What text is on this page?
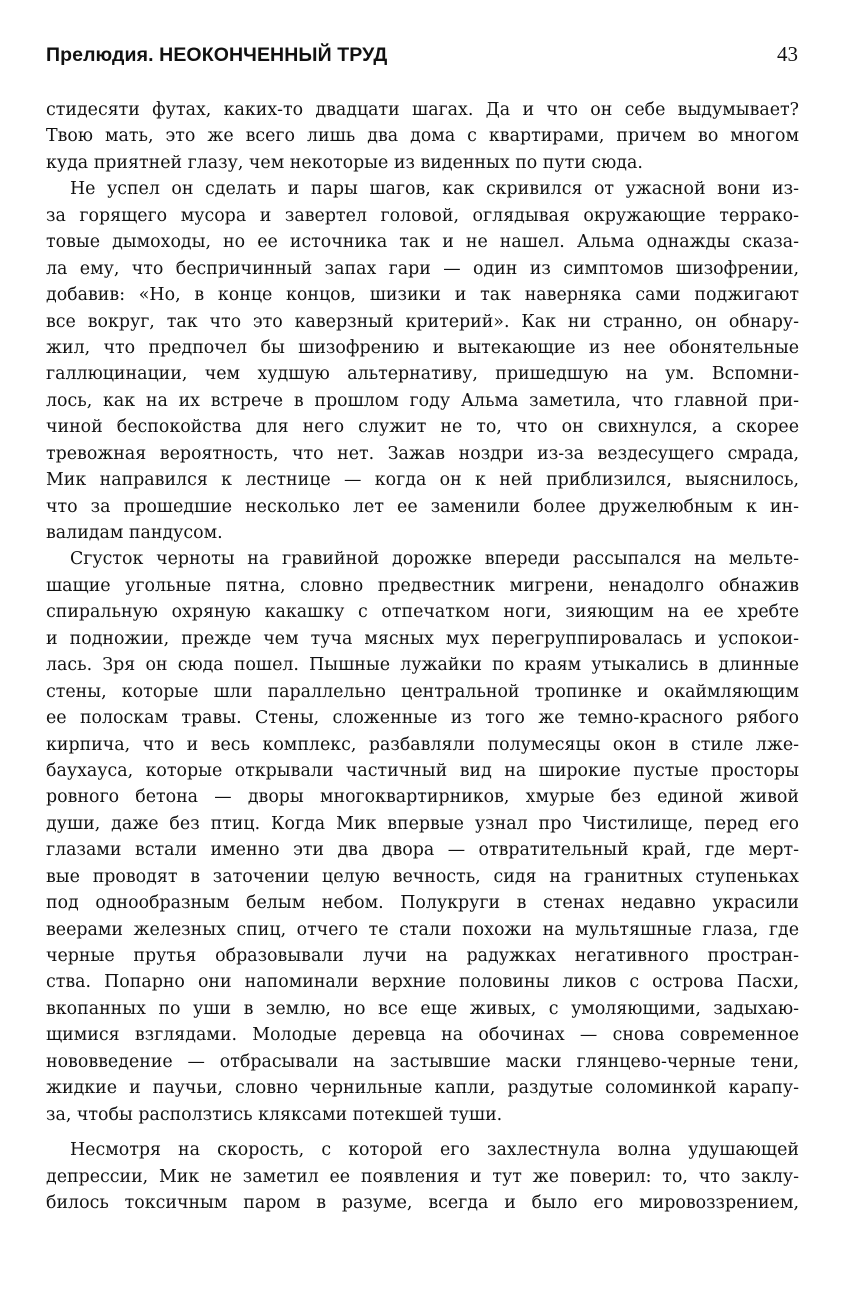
Прелюдия. НЕОКОНЧЕННЫЙ ТРУД	43
стидесяти футах, каких-то двадцати шагах. Да и что он себе выдумывает?
Твою мать, это же всего лишь два дома с квартирами, причем во многом
куда приятней глазу, чем некоторые из виденных по пути сюда.
Не успел он сделать и пары шагов, как скривился от ужасной вони из-
за горящего мусора и завертел головой, оглядывая окружающие террако-
товые дымоходы, но ее источника так и не нашел. Альма однажды сказа-
ла ему, что беспричинный запах гари — один из симптомов шизофрении,
добавив: «Но, в конце концов, шизики и так наверняка сами поджигают
все вокруг, так что это каверзный критерий». Как ни странно, он обнару-
жил, что предпочел бы шизофрению и вытекающие из нее обонятельные
галлюцинации, чем худшую альтернативу, пришедшую на ум. Вспомни-
лось, как на их встрече в прошлом году Альма заметила, что главной при-
чиной беспокойства для него служит не то, что он свихнулся, а скорее
тревожная вероятность, что нет. Зажав ноздри из-за вездесущего смрада,
Мик направился к лестнице — когда он к ней приблизился, выяснилось,
что за прошедшие несколько лет ее заменили более дружелюбным к ин-
валидам пандусом.
Сгусток черноты на гравийной дорожке впереди рассыпался на мельте-
шащие угольные пятна, словно предвестник мигрени, ненадолго обнажив
спиральную охряную какашку с отпечатком ноги, зияющим на ее хребте
и подножии, прежде чем туча мясных мух перегруппировалась и успокои-
лась. Зря он сюда пошел. Пышные лужайки по краям утыкались в длинные
стены, которые шли параллельно центральной тропинке и окаймляющим
ее полоскам травы. Стены, сложенные из того же темно-красного рябого
кирпича, что и весь комплекс, разбавляли полумесяцы окон в стиле лже-
баухауса, которые открывали частичный вид на широкие пустые просторы
ровного бетона — дворы многоквартирников, хмурые без единой живой
души, даже без птиц. Когда Мик впервые узнал про Чистилище, перед его
глазами встали именно эти два двора — отвратительный край, где мерт-
вые проводят в заточении целую вечность, сидя на гранитных ступеньках
под однообразным белым небом. Полукруги в стенах недавно украсили
веерами железных спиц, отчего те стали похожи на мультяшные глаза, где
черные прутья образовывали лучи на радужках негативного простран-
ства. Попарно они напоминали верхние половины ликов с острова Пасхи,
вкопанных по уши в землю, но все еще живых, с умоляющими, задыхаю-
щимися взглядами. Молодые деревца на обочинах — снова современное
нововведение — отбрасывали на застывшие маски глянцево-черные тени,
жидкие и паучьи, словно чернильные капли, раздутые соломинкой карапу-
за, чтобы расползтись кляксами потекшей туши.
Несмотря на скорость, с которой его захлестнула волна удушающей
депрессии, Мик не заметил ее появления и тут же поверил: то, что заклу-
билось токсичным паром в разуме, всегда и было его мировоззрением,
